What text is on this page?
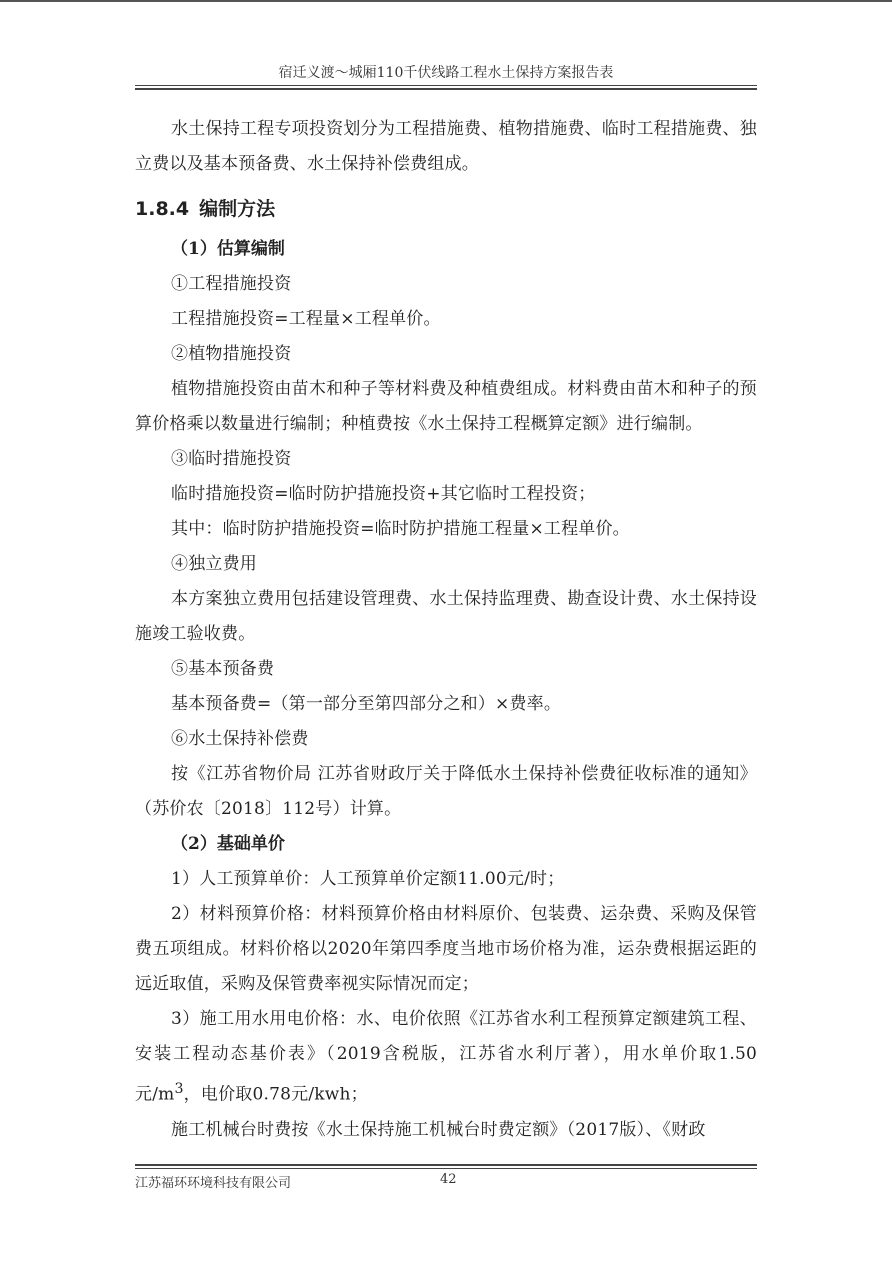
宿迁义渡～城厢110千伏线路工程水土保持方案报告表

水土保持工程专项投资划分为工程措施费、植物措施费、临时工程措施费、独立费以及基本预备费、水土保持补偿费组成。

1.8.4 编制方法

（1）估算编制

①工程措施投资

工程措施投资=工程量×工程单价。

②植物措施投资

植物措施投资由苗木和种子等材料费及种植费组成。材料费由苗木和种子的预算价格乘以数量进行编制；种植费按《水土保持工程概算定额》进行编制。

③临时措施投资

临时措施投资=临时防护措施投资+其它临时工程投资；

其中：临时防护措施投资=临时防护措施工程量×工程单价。

④独立费用

本方案独立费用包括建设管理费、水土保持监理费、勘查设计费、水土保持设施竣工验收费。

⑤基本预备费

基本预备费=（第一部分至第四部分之和）×费率。

⑥水土保持补偿费

按《江苏省物价局 江苏省财政厅关于降低水土保持补偿费征收标准的通知》（苏价农〔2018〕112号）计算。

（2）基础单价

1）人工预算单价：人工预算单价定额11.00元/时；

2）材料预算价格：材料预算价格由材料原价、包装费、运杂费、采购及保管费五项组成。材料价格以2020年第四季度当地市场价格为准，运杂费根据运距的远近取值，采购及保管费率视实际情况而定；

3）施工用水用电价格：水、电价依照《江苏省水利工程预算定额建筑工程、安装工程动态基价表》（2019含税版，江苏省水利厅著），用水单价取1.50元$/m^3$，电价取0.78元/kwh；

施工机械台时费按《水土保持施工机械台时费定额》（2017版）、《财政

江苏福环环境科技有限公司	42
